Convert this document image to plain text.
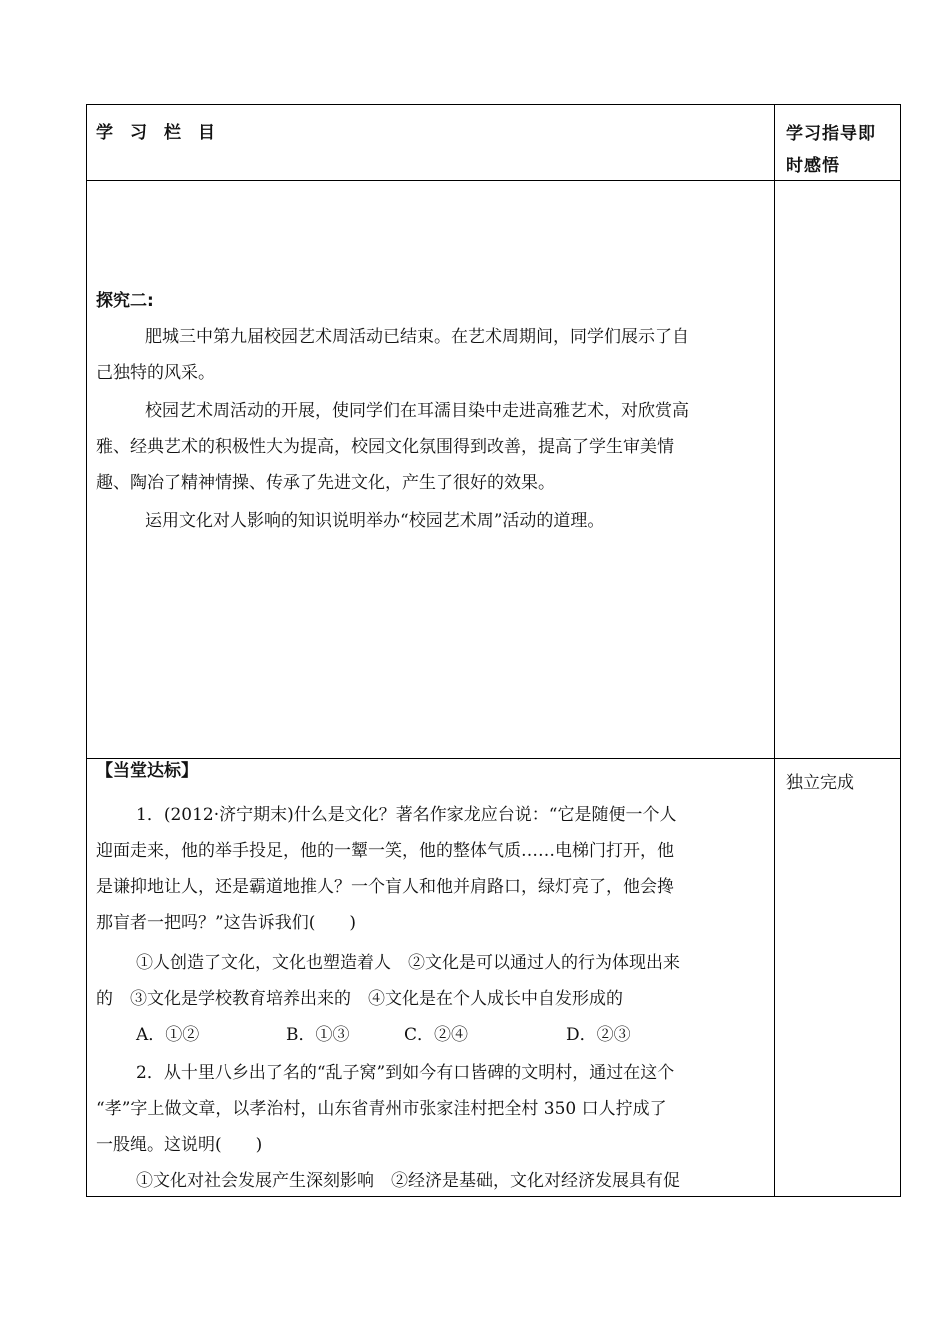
学　习　栏　目	学习指导即
时感悟
探究二:
肥城三中第九届校园艺术周活动已结束。在艺术周期间，同学们展示了自
己独特的风采。
校园艺术周活动的开展，使同学们在耳濡目染中走进高雅艺术，对欣赏高
雅、经典艺术的积极性大为提高，校园文化氛围得到改善，提高了学生审美情
趣、陶冶了精神情操、传承了先进文化，产生了很好的效果。
运用文化对人影响的知识说明举办“校园艺术周”活动的道理。
【当堂达标】
独立完成
1．(2012·济宁期末)什么是文化？著名作家龙应台说：“它是随便一个人
迎面走来，他的举手投足，他的一颦一笑，他的整体气质……电梯门打开，他
是谦抑地让人，还是霸道地推人？一个盲人和他并肩路口，绿灯亮了，他会搀
那盲者一把吗？”这告诉我们(　　)
①人创造了文化，文化也塑造着人　②文化是可以通过人的行为体现出来
的　③文化是学校教育培养出来的　④文化是在个人成长中自发形成的
A．①②	B．①③	C．②④	D．②③
2．从十里八乡出了名的“乱子窝”到如今有口皆碑的文明村，通过在这个
“孝”字上做文章，以孝治村，山东省青州市张家洼村把全村 350 口人拧成了
一股绳。这说明(　　)
①文化对社会发展产生深刻影响　②经济是基础，文化对经济发展具有促
